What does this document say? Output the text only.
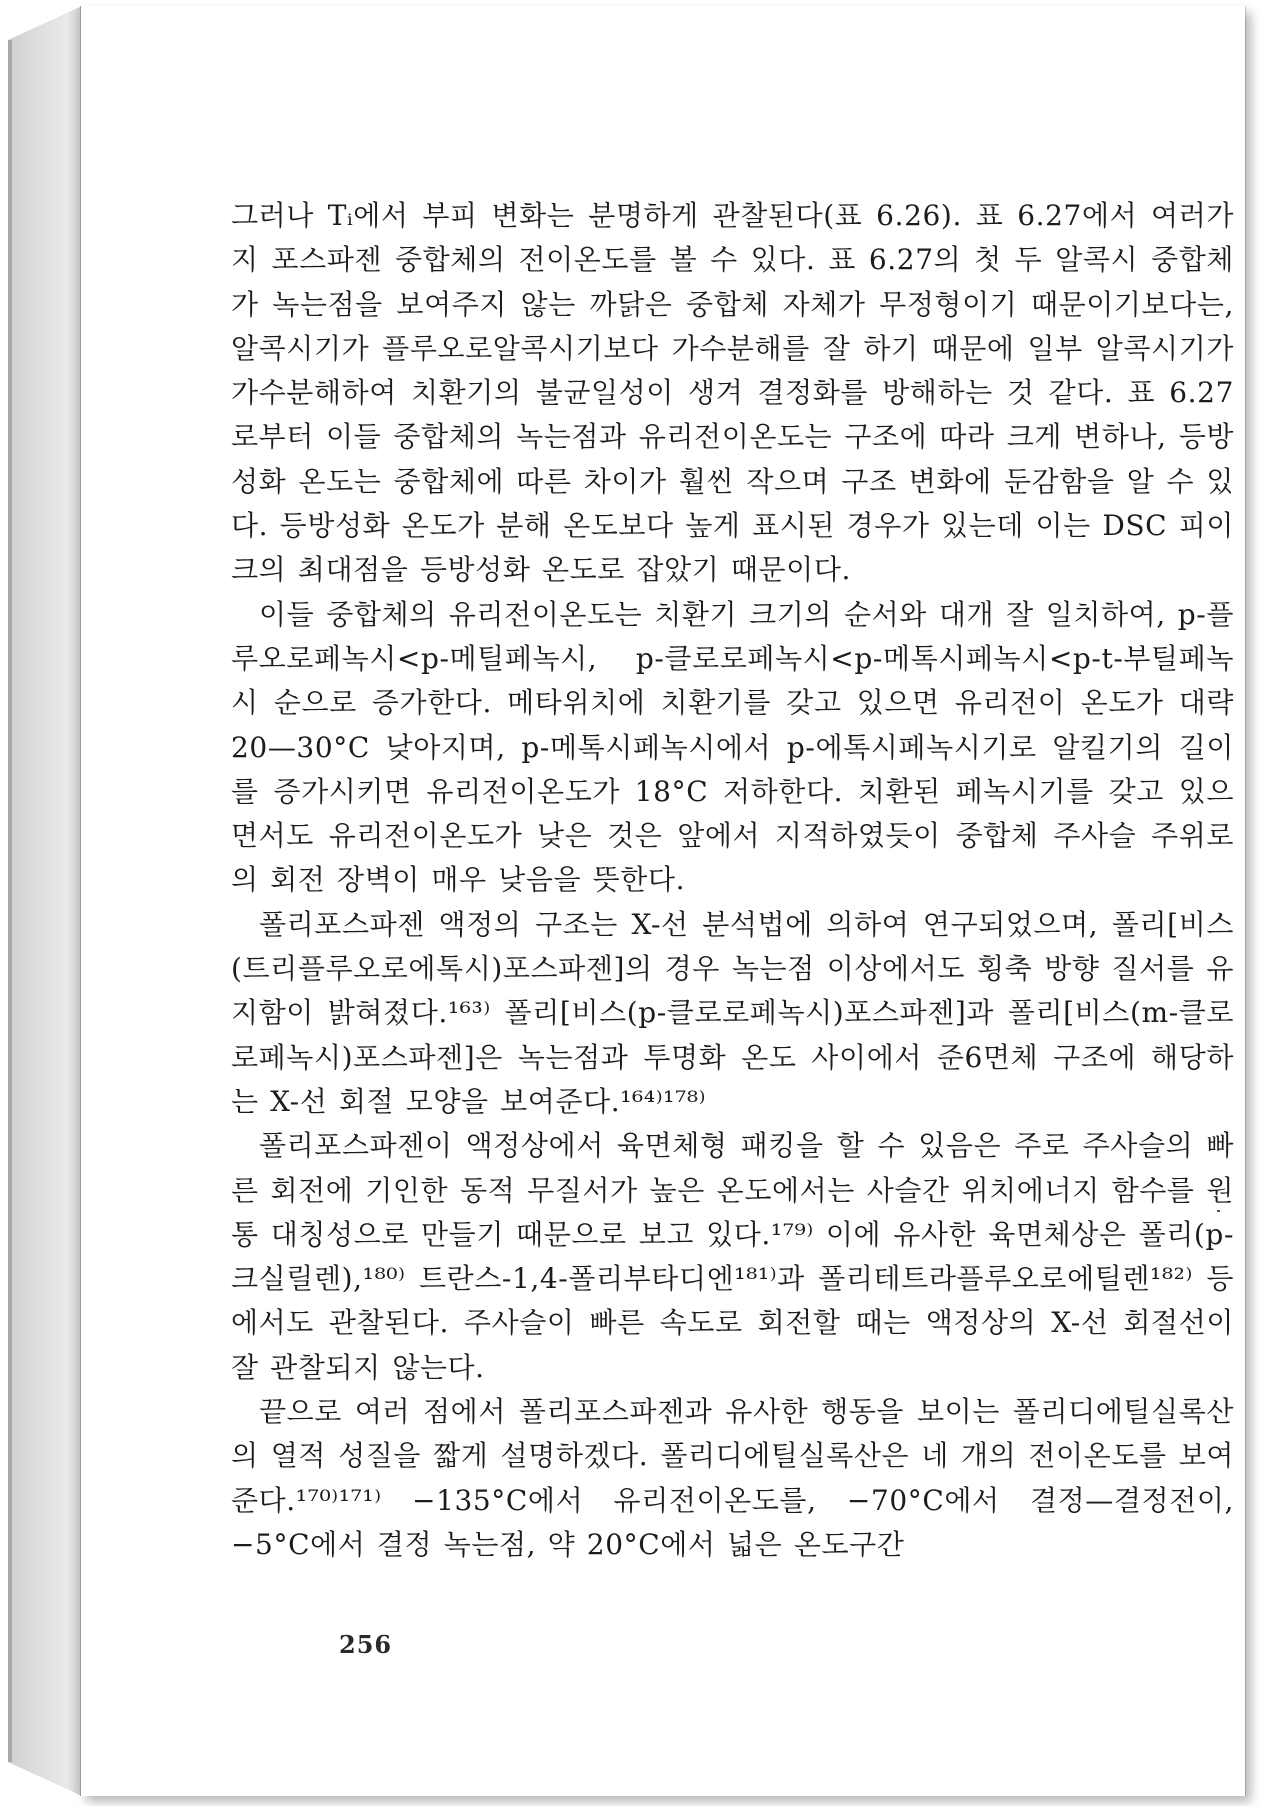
그러나 Tᵢ에서 부피 변화는 분명하게 관찰된다(표 6.26). 표 6.27에서 여러가지 포스파젠 중합체의 전이온도를 볼 수 있다. 표 6.27의 첫 두 알콕시 중합체가 녹는점을 보여주지 않는 까닭은 중합체 자체가 무정형이기 때문이기보다는, 알콕시기가 플루오로알콕시기보다 가수분해를 잘 하기 때문에 일부 알콕시기가 가수분해하여 치환기의 불균일성이 생겨 결정화를 방해하는 것 같다. 표 6.27로부터 이들 중합체의 녹는점과 유리전이온도는 구조에 따라 크게 변하나, 등방성화 온도는 중합체에 따른 차이가 훨씬 작으며 구조 변화에 둔감함을 알 수 있다. 등방성화 온도가 분해 온도보다 높게 표시된 경우가 있는데 이는 DSC 피이크의 최대점을 등방성화 온도로 잡았기 때문이다.

이들 중합체의 유리전이온도는 치환기 크기의 순서와 대개 잘 일치하여, p-플루오로페녹시<p-메틸페녹시, p-클로로페녹시<p-메톡시페녹시<p-t-부틸페녹시 순으로 증가한다. 메타위치에 치환기를 갖고 있으면 유리전이 온도가 대략 20—30°C 낮아지며, p-메톡시페녹시에서 p-에톡시페녹시기로 알킬기의 길이를 증가시키면 유리전이온도가 18°C 저하한다. 치환된 페녹시기를 갖고 있으면서도 유리전이온도가 낮은 것은 앞에서 지적하였듯이 중합체 주사슬 주위로의 회전 장벽이 매우 낮음을 뜻한다.

폴리포스파젠 액정의 구조는 X-선 분석법에 의하여 연구되었으며, 폴리[비스(트리플루오로에톡시)포스파젠]의 경우 녹는점 이상에서도 횡축 방향 질서를 유지함이 밝혀졌다.¹⁶³⁾ 폴리[비스(p-클로로페녹시)포스파젠]과 폴리[비스(m-클로로페녹시)포스파젠]은 녹는점과 투명화 온도 사이에서 준6면체 구조에 해당하는 X-선 회절 모양을 보여준다.¹⁶⁴⁾¹⁷⁸⁾

폴리포스파젠이 액정상에서 육면체형 패킹을 할 수 있음은 주로 주사슬의 빠른 회전에 기인한 동적 무질서가 높은 온도에서는 사슬간 위치에너지 함수를 원통 대칭성으로 만들기 때문으로 보고 있다.¹⁷⁹⁾ 이에 유사한 육면체상은 폴리(p-크실릴렌),¹⁸⁰⁾ 트란스-1,4-폴리부타디엔¹⁸¹⁾과 폴리테트라플루오로에틸렌¹⁸²⁾ 등에서도 관찰된다. 주사슬이 빠른 속도로 회전할 때는 액정상의 X-선 회절선이 잘 관찰되지 않는다.

끝으로 여러 점에서 폴리포스파젠과 유사한 행동을 보이는 폴리디에틸실록산의 열적 성질을 짧게 설명하겠다. 폴리디에틸실록산은 네 개의 전이온도를 보여준다.¹⁷⁰⁾¹⁷¹⁾ −135°C에서 유리전이온도를, −70°C에서 결정—결정전이, −5°C에서 결정 녹는점, 약 20°C에서 넓은 온도구간

256
